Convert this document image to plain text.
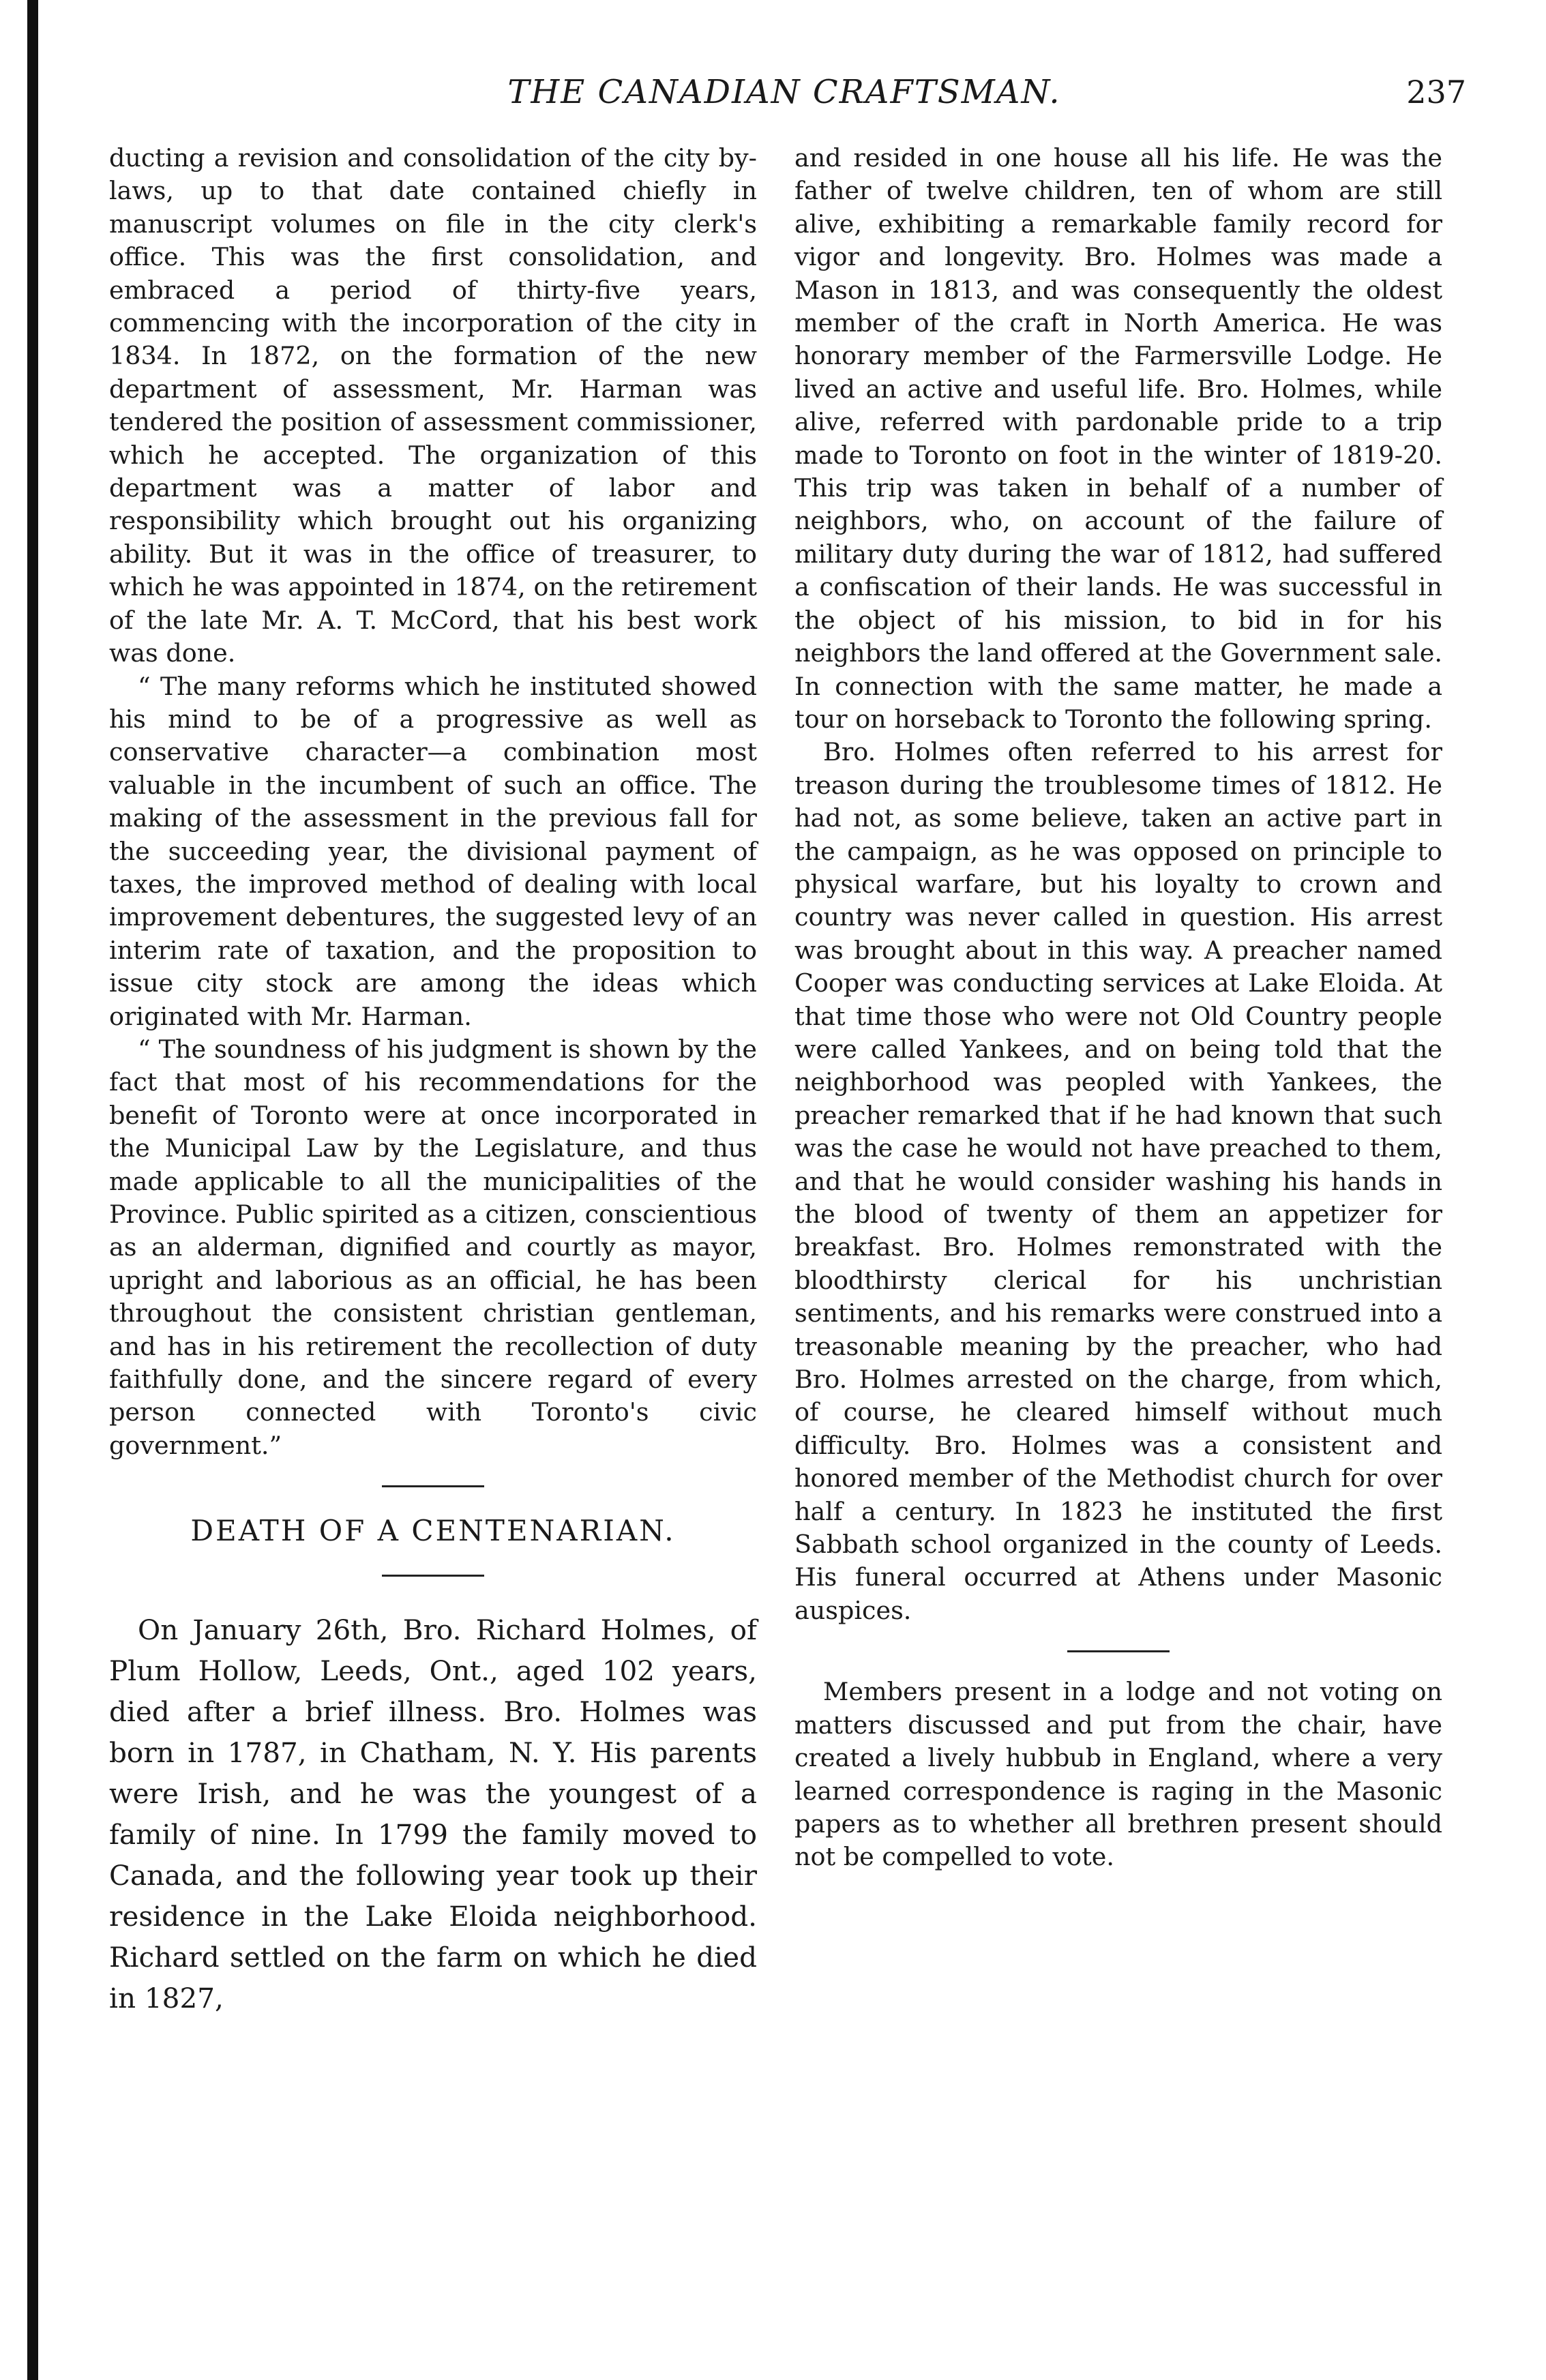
THE CANADIAN CRAFTSMAN.	237

ducting a revision and consolidation of the city by-laws, up to that date contained chiefly in manuscript volumes on file in the city clerk's office. This was the first consolidation, and embraced a period of thirty-five years, commencing with the incorporation of the city in 1834. In 1872, on the formation of the new department of assessment, Mr. Harman was tendered the position of assessment commissioner, which he accepted. The organization of this department was a matter of labor and responsibility which brought out his organizing ability. But it was in the office of treasurer, to which he was appointed in 1874, on the retirement of the late Mr. A. T. McCord, that his best work was done.

“ The many reforms which he instituted showed his mind to be of a progressive as well as conservative character—a combination most valuable in the incumbent of such an office. The making of the assessment in the previous fall for the succeeding year, the divisional payment of taxes, the improved method of dealing with local improvement debentures, the suggested levy of an interim rate of taxation, and the proposition to issue city stock are among the ideas which originated with Mr. Harman.

“ The soundness of his judgment is shown by the fact that most of his recommendations for the benefit of Toronto were at once incorporated in the Municipal Law by the Legislature, and thus made applicable to all the municipalities of the Province. Public spirited as a citizen, conscientious as an alderman, dignified and courtly as mayor, upright and laborious as an official, he has been throughout the consistent christian gentleman, and has in his retirement the recollection of duty faithfully done, and the sincere regard of every person connected with Toronto's civic government.”

DEATH OF A CENTENARIAN.

On January 26th, Bro. Richard Holmes, of Plum Hollow, Leeds, Ont., aged 102 years, died after a brief illness. Bro. Holmes was born in 1787, in Chatham, N. Y. His parents were Irish, and he was the youngest of a family of nine. In 1799 the family moved to Canada, and the following year took up their residence in the Lake Eloida neighborhood. Richard settled on the farm on which he died in 1827,

and resided in one house all his life. He was the father of twelve children, ten of whom are still alive, exhibiting a remarkable family record for vigor and longevity. Bro. Holmes was made a Mason in 1813, and was consequently the oldest member of the craft in North America. He was honorary member of the Farmersville Lodge. He lived an active and useful life. Bro. Holmes, while alive, referred with pardonable pride to a trip made to Toronto on foot in the winter of 1819-20. This trip was taken in behalf of a number of neighbors, who, on account of the failure of military duty during the war of 1812, had suffered a confiscation of their lands. He was successful in the object of his mission, to bid in for his neighbors the land offered at the Government sale. In connection with the same matter, he made a tour on horseback to Toronto the following spring.

Bro. Holmes often referred to his arrest for treason during the troublesome times of 1812. He had not, as some believe, taken an active part in the campaign, as he was opposed on principle to physical warfare, but his loyalty to crown and country was never called in question. His arrest was brought about in this way. A preacher named Cooper was conducting services at Lake Eloida. At that time those who were not Old Country people were called Yankees, and on being told that the neighborhood was peopled with Yankees, the preacher remarked that if he had known that such was the case he would not have preached to them, and that he would consider washing his hands in the blood of twenty of them an appetizer for breakfast. Bro. Holmes remonstrated with the bloodthirsty clerical for his unchristian sentiments, and his remarks were construed into a treasonable meaning by the preacher, who had Bro. Holmes arrested on the charge, from which, of course, he cleared himself without much difficulty. Bro. Holmes was a consistent and honored member of the Methodist church for over half a century. In 1823 he instituted the first Sabbath school organized in the county of Leeds. His funeral occurred at Athens under Masonic auspices.

Members present in a lodge and not voting on matters discussed and put from the chair, have created a lively hubbub in England, where a very learned correspondence is raging in the Masonic papers as to whether all brethren present should not be compelled to vote.
